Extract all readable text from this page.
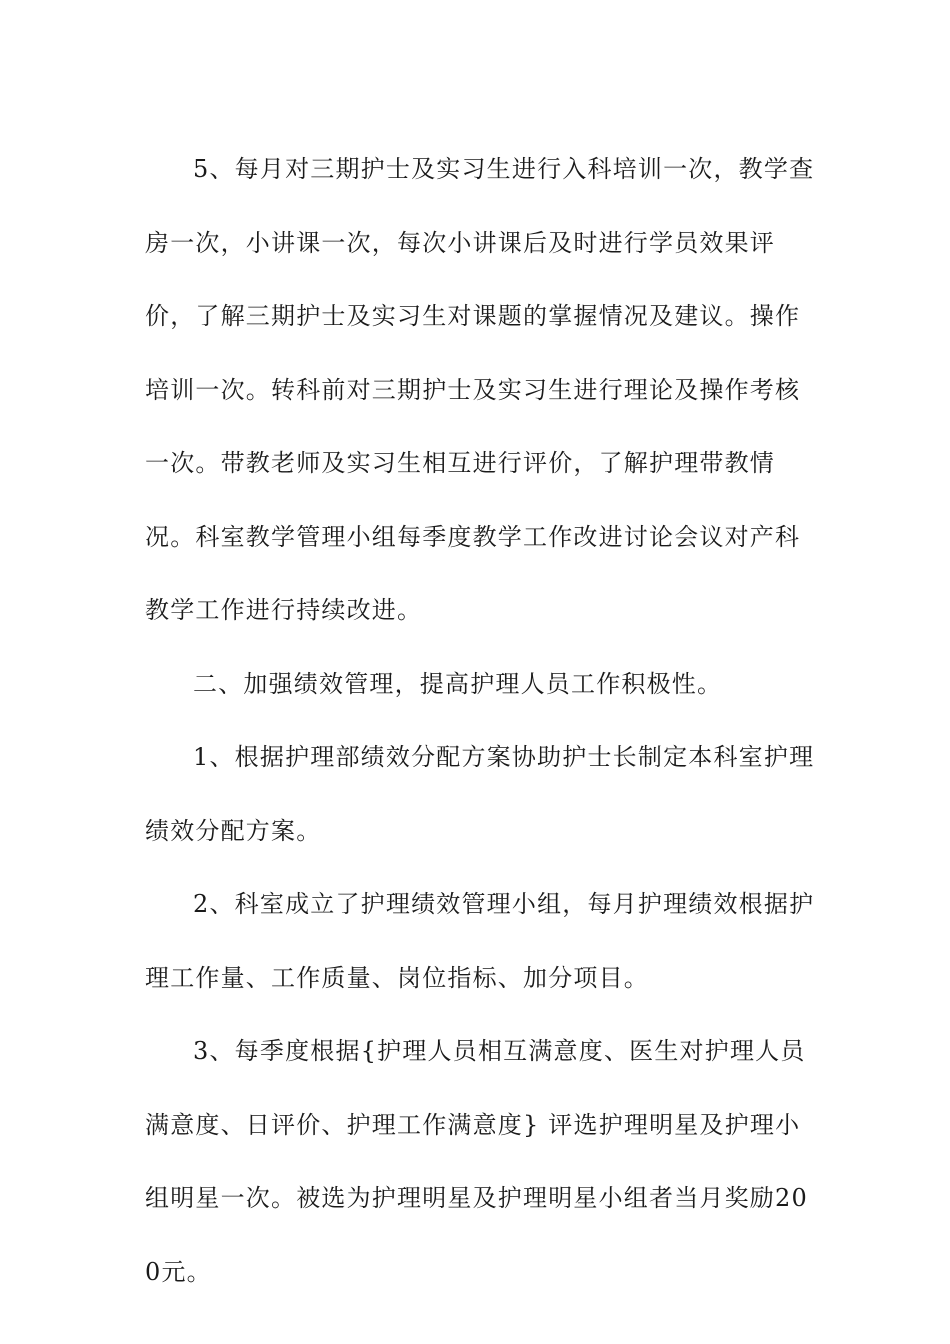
5、每月对三期护士及实习生进行入科培训一次，教学查房一次，小讲课一次，每次小讲课后及时进行学员效果评价，了解三期护士及实习生对课题的掌握情况及建议。操作培训一次。转科前对三期护士及实习生进行理论及操作考核一次。带教老师及实习生相互进行评价，了解护理带教情况。科室教学管理小组每季度教学工作改进讨论会议对产科教学工作进行持续改进。

二、加强绩效管理，提高护理人员工作积极性。

1、根据护理部绩效分配方案协助护士长制定本科室护理绩效分配方案。

2、科室成立了护理绩效管理小组，每月护理绩效根据护理工作量、工作质量、岗位指标、加分项目。

3、每季度根据{护理人员相互满意度、医生对护理人员满意度、日评价、护理工作满意度} 评选护理明星及护理小组明星一次。被选为护理明星及护理明星小组者当月奖励200元。
